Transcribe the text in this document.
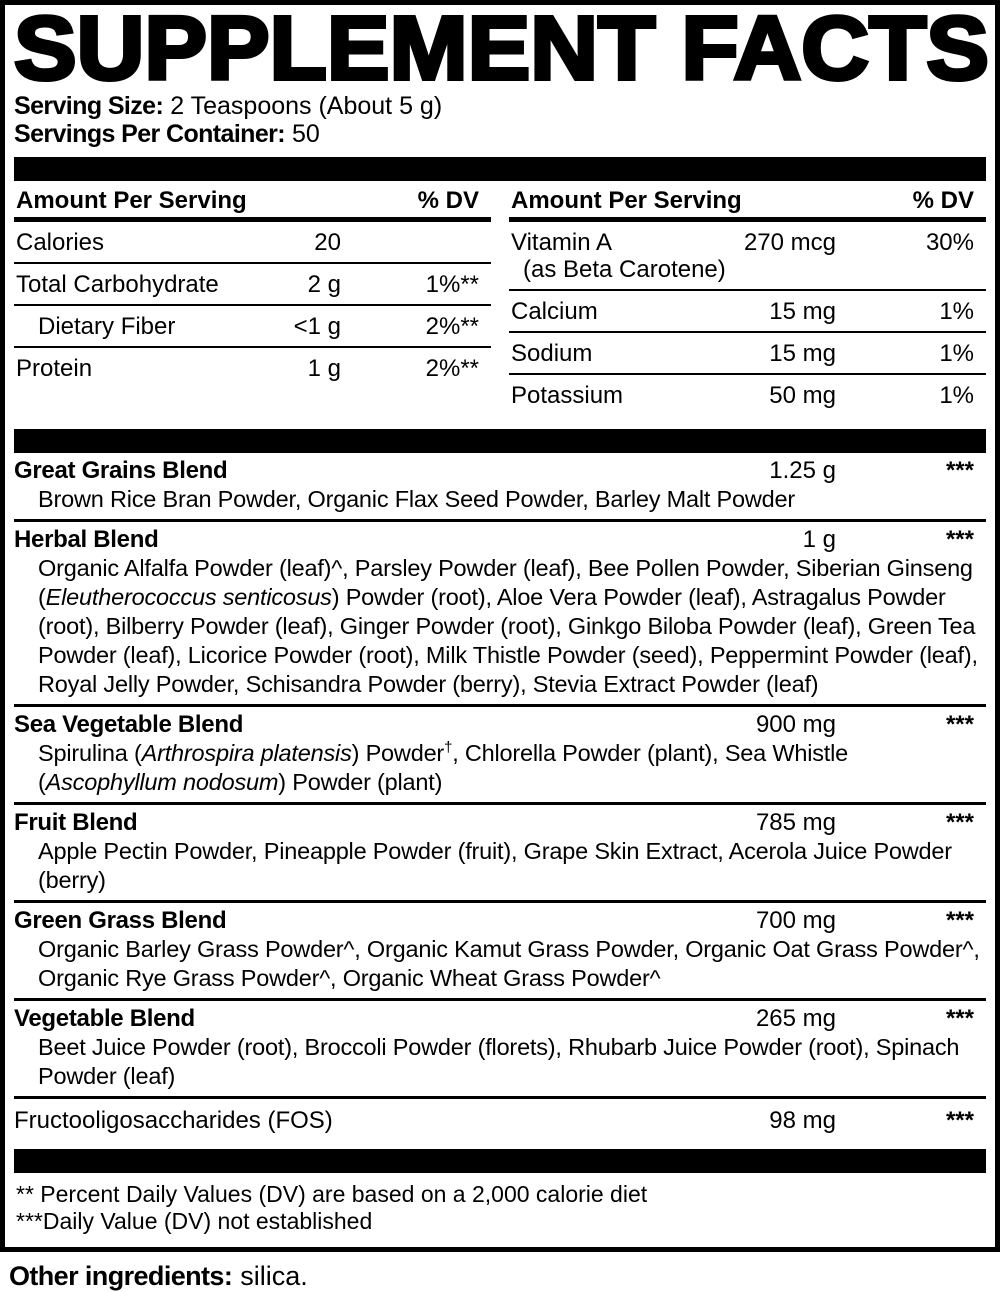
SUPPLEMENT FACTS
Serving Size: 2 Teaspoons (About 5 g)
Servings Per Container: 50
Amount Per Serving	% DV
Calories	20
Total Carbohydrate	2 g	1%**
Dietary Fiber	<1 g	2%**
Protein	1 g	2%**
Amount Per Serving	% DV
Vitamin A
(as Beta Carotene)
270 mcg	30%
Calcium	15 mg	1%
Sodium	15 mg	1%
Potassium	50 mg	1%
Great Grains Blend	1.25 g	***
Brown Rice Bran Powder, Organic Flax Seed Powder, Barley Malt Powder
Herbal Blend	1 g	***
Organic Alfalfa Powder (leaf)^, Parsley Powder (leaf), Bee Pollen Powder, Siberian Ginseng (Eleutherococcus senticosus) Powder (root), Aloe Vera Powder (leaf), Astragalus Powder (root), Bilberry Powder (leaf), Ginger Powder (root), Ginkgo Biloba Powder (leaf), Green Tea Powder (leaf), Licorice Powder (root), Milk Thistle Powder (seed), Peppermint Powder (leaf), Royal Jelly Powder, Schisandra Powder (berry), Stevia Extract Powder (leaf)
Sea Vegetable Blend	900 mg	***
Spirulina (Arthrospira platensis) Powder†, Chlorella Powder (plant), Sea Whistle (Ascophyllum nodosum) Powder (plant)
Fruit Blend	785 mg	***
Apple Pectin Powder, Pineapple Powder (fruit), Grape Skin Extract, Acerola Juice Powder (berry)
Green Grass Blend	700 mg	***
Organic Barley Grass Powder^, Organic Kamut Grass Powder, Organic Oat Grass Powder^, Organic Rye Grass Powder^, Organic Wheat Grass Powder^
Vegetable Blend	265 mg	***
Beet Juice Powder (root), Broccoli Powder (florets), Rhubarb Juice Powder (root), Spinach Powder (leaf)
Fructooligosaccharides (FOS)	98 mg	***
** Percent Daily Values (DV) are based on a 2,000 calorie diet
***Daily Value (DV) not established
Other ingredients: silica.
